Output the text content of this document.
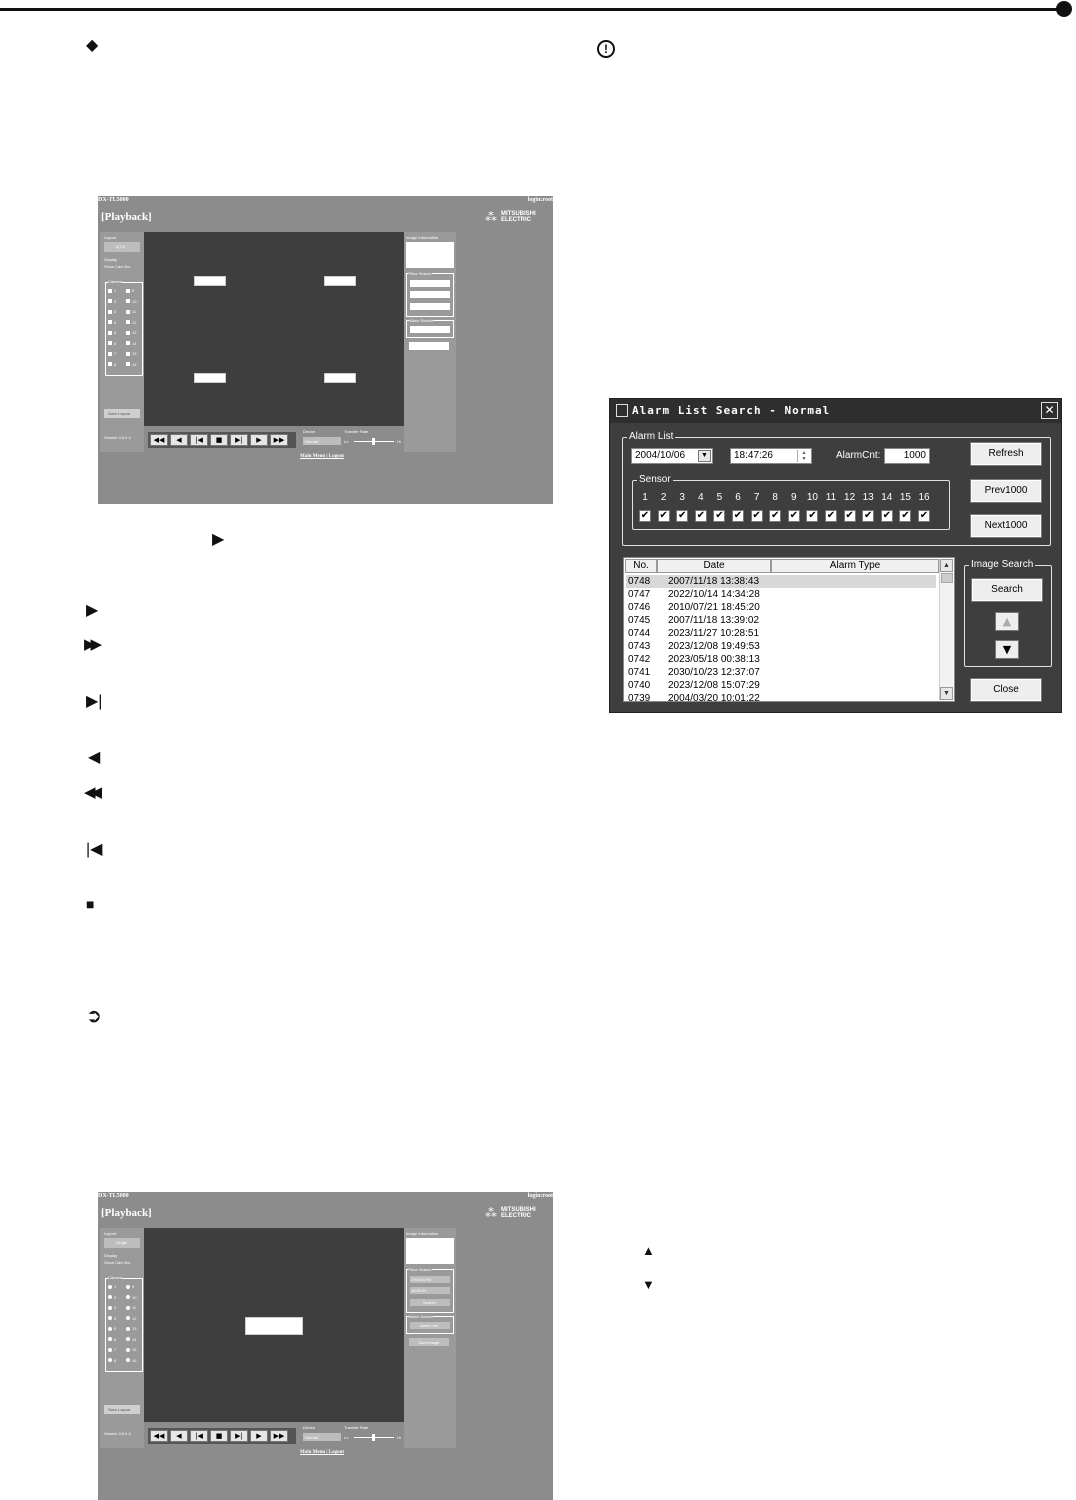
◆
▶
▶
▶▶
▶|
◀
◀◀
|◀
■
➲
!
▲
▼
DX-TL5000	login:root
[Playback]	⁂ MITSUBISHI
ELECTRIC
Layout
4(Tri)
Display
Show Cam No.
Camera
1
2
3
4
5
6
7
8
9
10
11
12
13
14
15
16
Save Layout
Version 0.6.2.4
Image Information
Time Search
Alarm Search
◀◀	◀	|◀	■	▶|	▶	▶▶
Device
Normal
Transfer Rate
Lo	Hi
Main Menu | Logout
Alarm List Search - Normal	✕
Alarm List
2004/10/06	▼	18:47:26	▲
▼	AlarmCnt:	1000
Sensor
1
✔
2
✔
3
✔
4
✔
5
✔
6
✔
7
✔
8
✔
9
✔
10
✔
11
✔
12
✔
13
✔
14
✔
15
✔
16
✔
Refresh
Prev1000
Next1000
No.	Date	Alarm Type
0748 2007/11/18 13:38:43
0747 2022/10/14 14:34:28
0746 2010/07/21 18:45:20
0745 2007/11/18 13:39:02
0744 2023/11/27 10:28:51
0743 2023/12/08 19:49:53
0742 2023/05/18 00:38:13
0741 2030/10/23 12:37:07
0740 2023/12/08 15:07:29
0739 2004/03/20 10:01:22
▲
▼
Image Search
Search
▲
▼
Close
DX-TL5000	login:root
[Playback]	⁂ MITSUBISHI
ELECTRIC
Layout
Single
Display
Show Cam No.
Camera
1
2
3
4
5
6
7
8
9
10
11
12
13
14
15
16
Save Layout
Version 0.6.2.4
Image Information
Time Search
2004/10/06
18:39:01
Search
Alarm Search
Alarm List
Save Image
◀◀	◀	|◀	■	▶|	▶	▶▶
Device
Normal
Transfer Rate
Lo	Hi
Main Menu | Logout
